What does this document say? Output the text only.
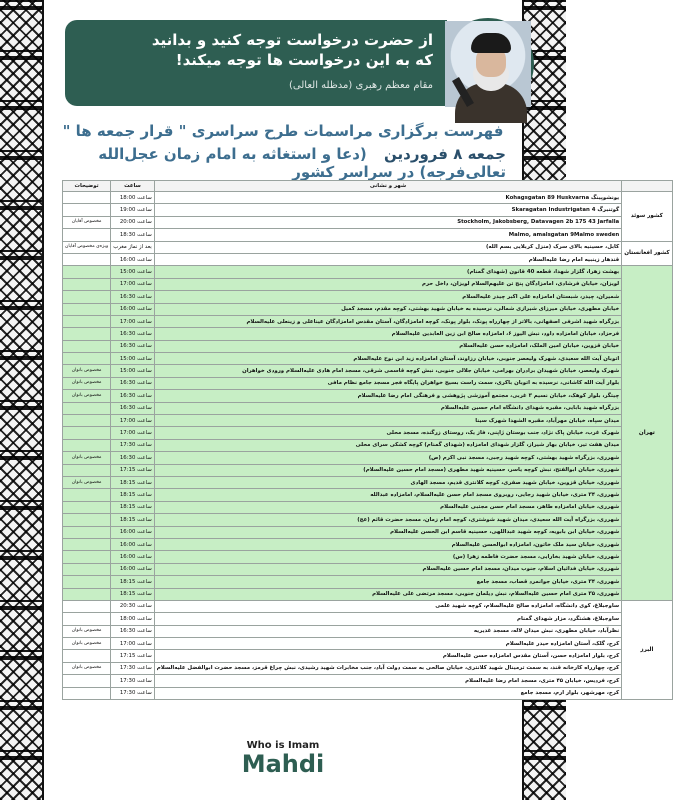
از حضرت درخواست توجه کنید و بدانید
که به این درخواست ها توجه میکند!
مقام معظم رهبری (مدظله العالی)
فهرست برگزاری مراسمات طرح سراسری " قرار جمعه ها "
جمعه ۸ فروردین (دعا و استغاثه به امام زمان عجل‌الله تعالی‌فرجه) در سراسر کشور
	شهر و نشانی	ساعت	توضیحات
کشور سوئد	یونشوپینگ Kohagsgatan 89 Huskvarna	ساعت 18:00	
	گوتنبرگ Skaragatan Industrigatan 4	ساعت 19:00	
	Stockholm, Jakobsberg, Datavagen 2b 175 43 Jarfalla	ساعت 20:00	مخصوص آقایان
	Malmo, amalsgatan 9Malmo sweden	ساعت 18:30	
کشور افغانستان	کابل، حسینیه بالای سرک (منزل کربلایی بسم الله)	بعد از نماز مغرب	ویژه‌ی مخصوص آقایان
	قندهار زینبیه امام رضا علیه‌السلام	ساعت 16:00	
تهران	بهشت زهرا، گلزار شهدا، قطعه 40 قانون (شهدای گمنام)	ساعت 15:00	
	لویزان، خیابان فرشادی، امامزادگان پنج تن علیهم‌السلام لویزان، داخل حرم	ساعت 17:00	
	شمیران، چیذر، شبستان امامزاده علی اکبر چیذر علیه‌السلام	ساعت 16:30	
	خیابان مطهری، خیابان میرزای شیرازی شمالی، نرسیده به خیابان شهید بهشتی، کوچه مقدم، مسجد کمیل	ساعت 16:00	
	بزرگراه شهید اشرفی اصفهانی، بالاتر از چهارراه پونک، بلوار پونک، کوچه امامزادگان، آستان مقدس امامزادگان عیناعلی و زینعلی علیه‌السلام	ساعت 17:00	
	فرحزاد، خیابان امامزاده داود، نبش الیوز ۶، امامزاده صالح ابن زین العابدین علیه‌السلام	ساعت 16:30	
	خیابان قزوین، خیابان امین الملک، امامزاده حسن علیه‌السلام	ساعت 16:30	
	اتوبان آیت الله سعیدی، شهرک ولیعصر جنوبی، خیابان رزاوند، آستان امامزاده زید ابن نوح علیه‌السلام	ساعت 15:00	
	شهرک ولیعصر، خیابان شهیدان برادران بهرامی، خیابان جلالی جنوبی، نبش کوچه قاسمی شرقی، مسجد امام هادی علیه‌السلام ورودی خواهران	ساعت 15:00	مخصوص بانوان
	بلوار آیت الله کاشانی، نرسیده به اتوبان باکری، سمت راست بسیج خواهران پایگاه فجر مسجد جامع نظام مافی	ساعت 16:30	مخصوص بانوان
	چیتگر، بلوار کوهک، خیابان نسیم ۳ غربی، مجتمع آموزشی پژوهشی و فرهنگی امام رضا علیه‌السلام	ساعت 16:30	مخصوص بانوان
	بزرگراه شهید بابایی، مقبره شهدای دانشگاه امام حسین علیه‌السلام	ساعت 16:30	
	میدان سپاه، خیابان مهرآباد، مقبره الشهدا شهرک سینا	ساعت 17:00	
	شهرک غرب، خیابان پاک نژاد، جنب بوستان ژاپنی، فاز یک، روستای زرگنده، مسجد محلی	ساعت 17:00	
	میدان هفت تیر، خیابان بهار شیراز، گلزار شهدای امامزاده (شهدای گمنام) کوچه کشکی سرای محلی	ساعت 17:30	
	شهرری، بزرگراه شهید بهشتی، کوچه شهید رجبی، مسجد نبی اکرم (ص)	ساعت 16:30	مخصوص بانوان
	شهرری، خیابان ابوالفتح، نبش کوچه یاسر، حسینیه شهید مطهری (مسجد امام حسین علیه‌السلام)	ساعت 17:15	
	شهرری، خیابان قزوین، خیابان شهید صفری، کوچه کلانتری قدیم، مسجد الهادی	ساعت 18:15	مخصوص بانوان
	شهرری، ۳۴ متری، خیابان شهید رجایی، روبروی مسجد امام حسن علیه‌السلام، امامزاده عبدالله	ساعت 18:15	
	شهرری، خیابان امامزاده طاهر، مسجد امام حسن مجتبی علیه‌السلام	ساعت 18:15	
	شهرری، بزرگراه آیت الله سعیدی، میدان شهید شوشتری، کوچه امام زمان، مسجد حضرت قائم (عج)	ساعت 18:15	
	شهرری، خیابان ابن بابویه، کوچه شهید عبداللهی، حسینیه قاسم ابن الحسن علیه‌السلام	ساعت 16:00	
	شهرری، خیابان سید ملک خاتون، امامزاده ابوالحسن علیه‌السلام	ساعت 16:00	
	شهرری، خیابان شهید بخارایی، مسجد حضرت فاطمه زهرا (س)	ساعت 16:00	
	شهرری، خیابان فدائیان اسلام، جنوب میدان، مسجد امام حسین علیه‌السلام	ساعت 16:00	
	شهرری، ۳۴ متری، خیابان جوانمرد قصاب، مسجد جامع	ساعت 18:15	
	شهرری، ۳۵ متری امام حسین علیه‌السلام، نبش دیلمان جنوبی، مسجد مرتضی علی علیه‌السلام	ساعت 18:15	
البرز	ساوجبلاغ، کوی دانشگاه، امامزاده صالح علیه‌السلام، کوچه شهید علمی	ساعت 20:30	
	ساوجبلاغ، هشتگرد، مزار شهدای گمنام	ساعت 18:00	
	نظرآباد، خیابان مطهری، نبش میدان لاله، مسجد غدیریه	ساعت 16:30	مخصوص بانوان
	کرج، گلک، آستان امامزاده حیدر علیه‌السلام	ساعت 17:00	مخصوص بانوان
	کرج، بلوار امامزاده حسن، آستان مقدس امامزاده حسن علیه‌السلام	ساعت 17:15	
	کرج، چهارراه کارخانه قند، به سمت ترمینال شهید کلانتری، خیابان صالحی به سمت دولت آباد، جنب مخابرات شهید رشیدی، نبش چراغ قرمز، مسجد حضرت ابوالفضل علیه‌السلام	ساعت 17:30	مخصوص بانوان
	کرج، فردیس، خیابان ۴۵ متری، مسجد امام رضا علیه‌السلام	ساعت 17:30	
	کرج، مهرشهر، بلوار ارم، مسجد جامع	ساعت 17:30	
Who is Imam
Mahdi
